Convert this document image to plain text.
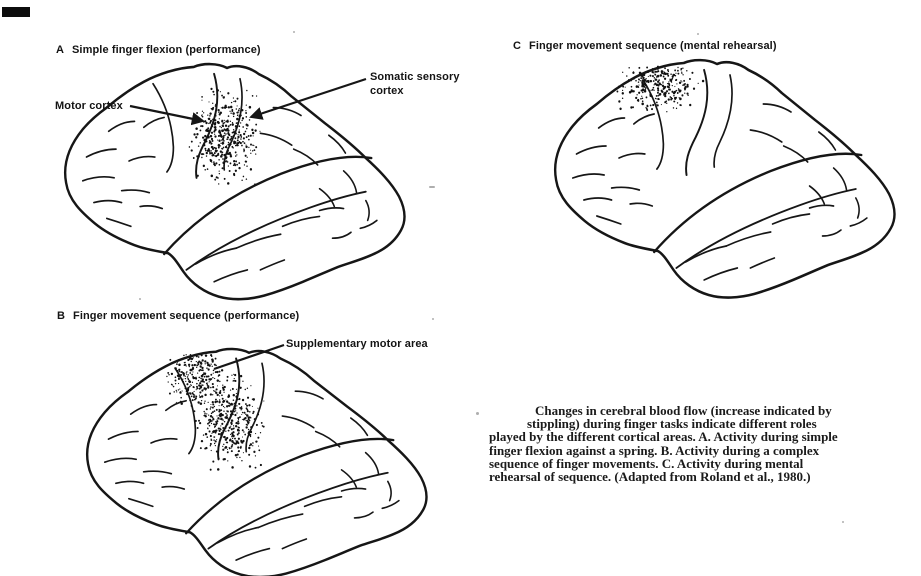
A Simple finger flexion (performance)	C Finger movement sequence (mental rehearsal)
B Finger movement sequence (performance)
Motor cortex
Somatic sensory
cortex
Supplementary motor area
Changes in cerebral blood flow (increase indicated by
stippling) during finger tasks indicate different roles
played by the different cortical areas. A. Activity during simple
finger flexion against a spring. B. Activity during a complex
sequence of finger movements. C. Activity during mental
rehearsal of sequence. (Adapted from Roland et al., 1980.)
